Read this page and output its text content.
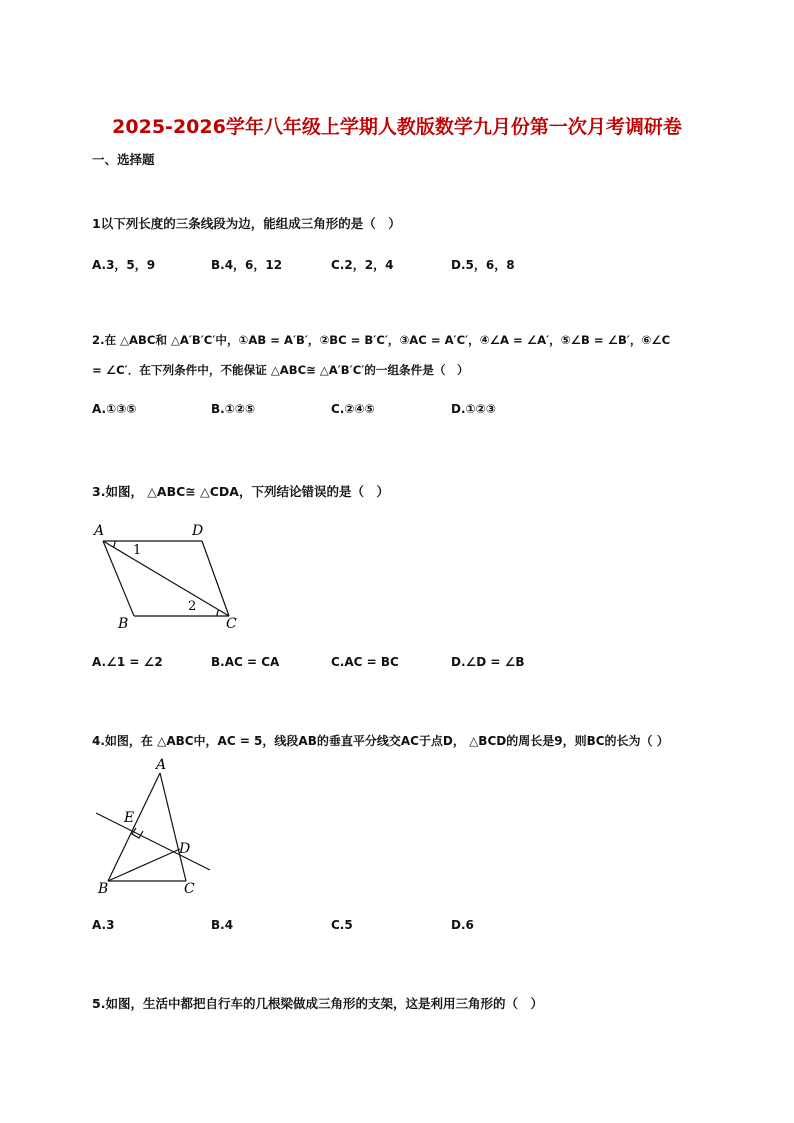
2025-2026学年八年级上学期人教版数学九月份第一次月考调研卷
一、选择题
1以下列长度的三条线段为边，能组成三角形的是（　）
A.3，5，9	B.4，6，12	C.2，2，4	D.5，6，8
2.在 △ABC和 △A′B′C′中，①AB = A′B′，②BC = B′C′，③AC = A′C′，④∠A = ∠A′，⑤∠B = ∠B′，⑥∠C
= ∠C′．在下列条件中，不能保证 △ABC≅ △A′B′C′的一组条件是（　）
A.①③⑤	B.①②⑤	C.②④⑤	D.①②③
3.如图， △ABC≅ △CDA，下列结论错误的是（　）
A	D
B	C
1
2
A.∠1 = ∠2	B.AC = CA	C.AC = BC	D.∠D = ∠B
4.如图，在 △ABC中，AC = 5，线段AB的垂直平分线交AC于点D， △BCD的周长是9，则BC的长为（ ）
A
E
D
B	C
A.3	B.4	C.5	D.6
5.如图，生活中都把自行车的几根梁做成三角形的支架，这是利用三角形的（　）
